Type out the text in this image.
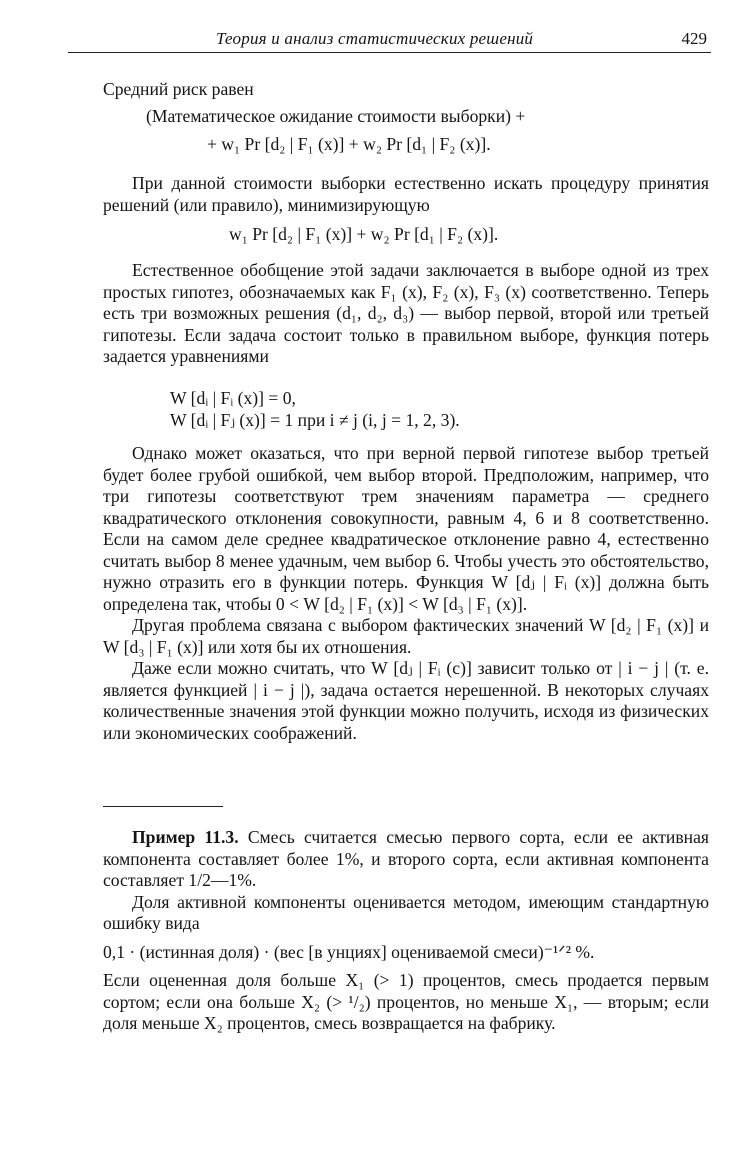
Теория и анализ статистических решений	429

Средний риск равен

(Математическое ожидание стоимости выборки) +
+ w₁ Pr [d₂ | F₁ (x)] + w₂ Pr [d₁ | F₂ (x)].

При данной стоимости выборки естественно искать процедуру принятия решений (или правило), минимизирующую

w₁ Pr [d₂ | F₁ (x)] + w₂ Pr [d₁ | F₂ (x)].

Естественное обобщение этой задачи заключается в выборе одной из трех простых гипотез, обозначаемых как F₁ (x), F₂ (x), F₃ (x) соответственно. Теперь есть три возможных решения (d₁, d₂, d₃) — выбор первой, второй или третьей гипотезы. Если задача состоит только в правильном выборе, функция потерь задается уравнениями

W [dᵢ | Fᵢ (x)] = 0,
W [dᵢ | Fⱼ (x)] = 1 при i ≠ j (i, j = 1, 2, 3).

Однако может оказаться, что при верной первой гипотезе выбор третьей будет более грубой ошибкой, чем выбор второй. Предположим, например, что три гипотезы соответствуют трем значениям параметра — среднего квадратического отклонения совокупности, равным 4, 6 и 8 соответственно. Если на самом деле среднее квадратическое отклонение равно 4, естественно считать выбор 8 менее удачным, чем выбор 6. Чтобы учесть это обстоятельство, нужно отразить его в функции потерь. Функция W [dⱼ | Fᵢ (x)] должна быть определена так, чтобы 0 < W [d₂ | F₁ (x)] < W [d₃ | F₁ (x)].

Другая проблема связана с выбором фактических значений W [d₂ | F₁ (x)] и W [d₃ | F₁ (x)] или хотя бы их отношения.

Даже если можно считать, что W [dⱼ | Fᵢ (c)] зависит только от | i − j | (т. е. является функцией | i − j |), задача остается нерешенной. В некоторых случаях количественные значения этой функции можно получить, исходя из физических или экономических соображений.

Пример 11.3. Смесь считается смесью первого сорта, если ее активная компонента составляет более 1%, и второго сорта, если активная компонента составляет 1/2—1%.

Доля активной компоненты оценивается методом, имеющим стандартную ошибку вида

0,1 · (истинная доля) · (вес [в унциях] оцениваемой смеси)⁻¹ᐟ² %.

Если оцененная доля больше X₁ (> 1) процентов, смесь продается первым сортом; если она больше X₂ (> ¹/₂) процентов, но меньше X₁, — вторым; если доля меньше X₂ процентов, смесь возвращается на фабрику.
